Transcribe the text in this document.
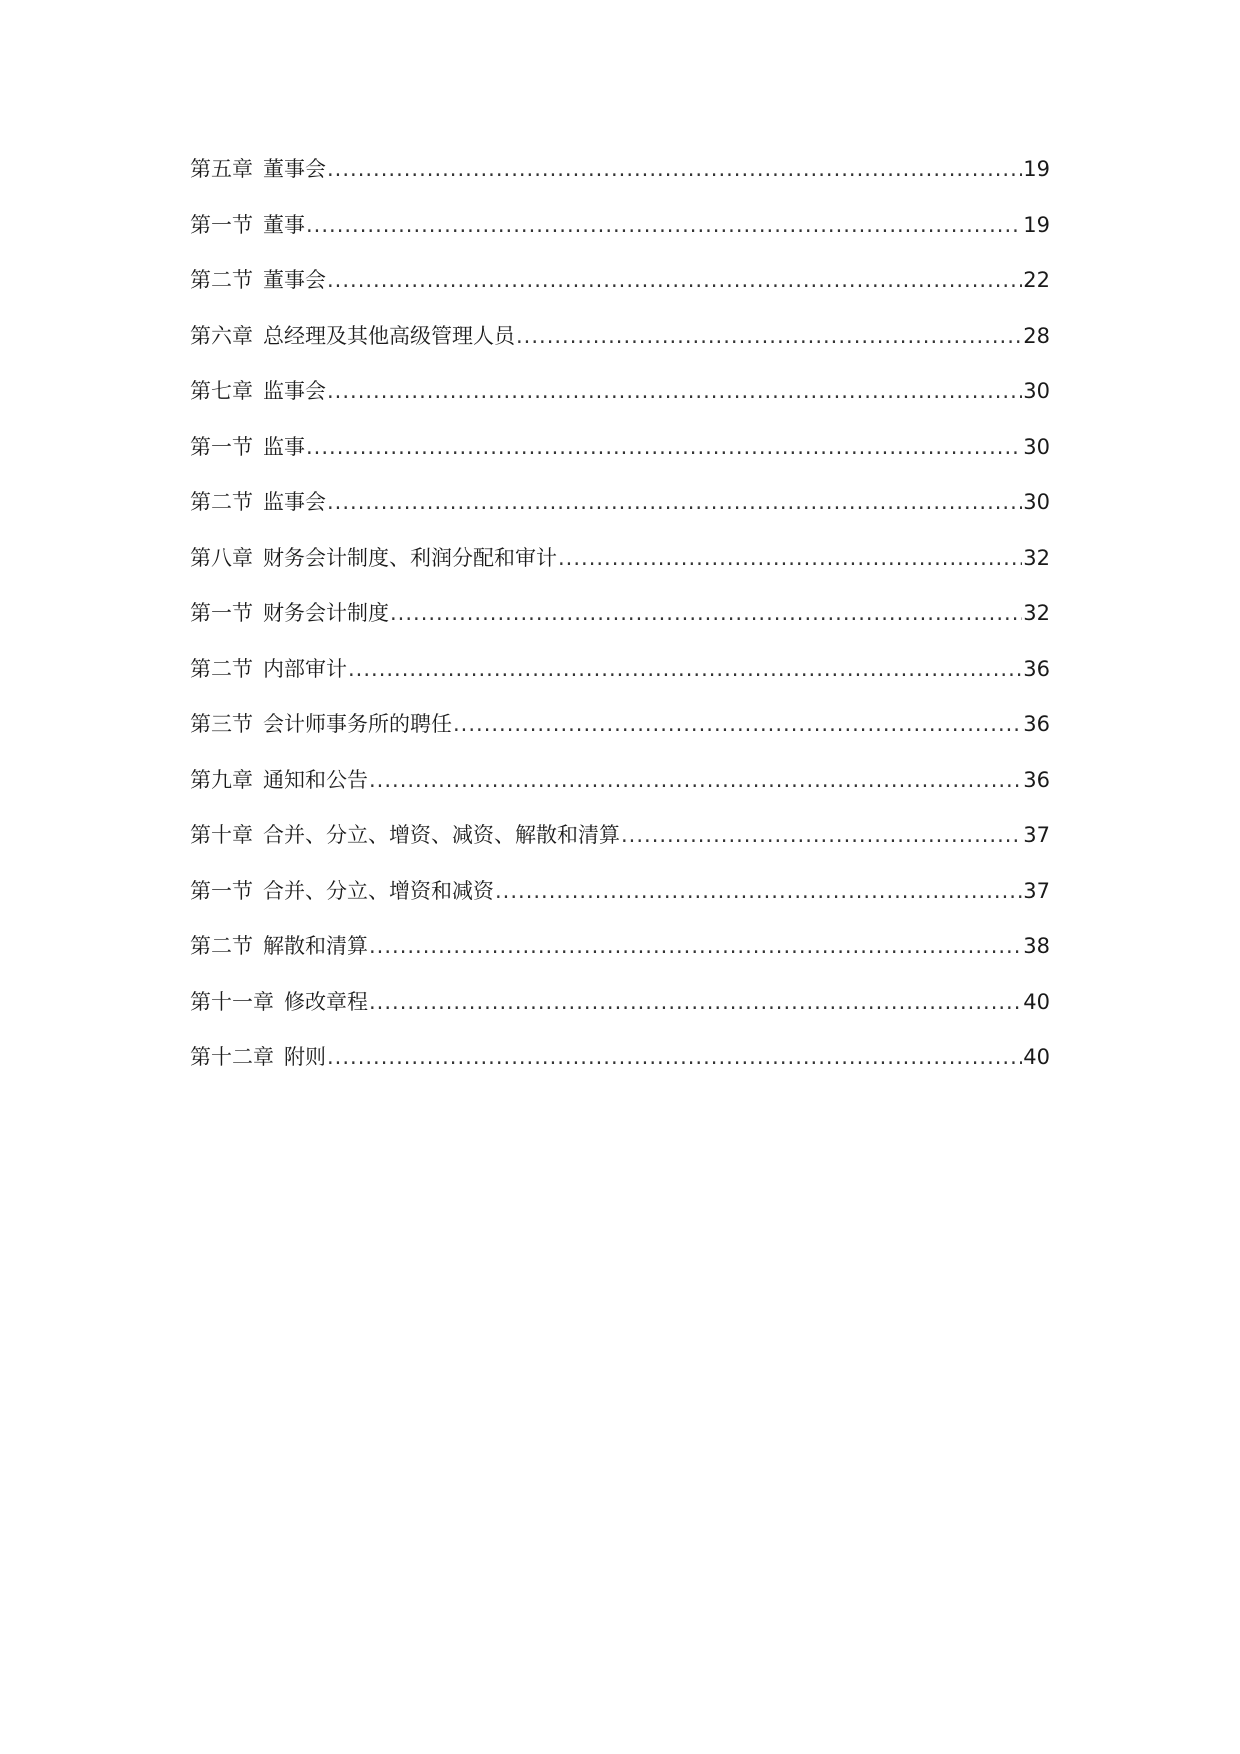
第五章 董事会 .....	19
第一节 董事 .....	19
第二节 董事会 .....	22
第六章 总经理及其他高级管理人员 .....	28
第七章 监事会 .....	30
第一节 监事 .....	30
第二节 监事会 .....	30
第八章 财务会计制度、利润分配和审计 .....	32
第一节 财务会计制度 .....	32
第二节 内部审计 .....	36
第三节 会计师事务所的聘任 .....	36
第九章 通知和公告 .....	36
第十章 合并、分立、增资、减资、解散和清算 .....	37
第一节 合并、分立、增资和减资 .....	37
第二节 解散和清算 .....	38
第十一章 修改章程 .....	40
第十二章 附则 .....	40
